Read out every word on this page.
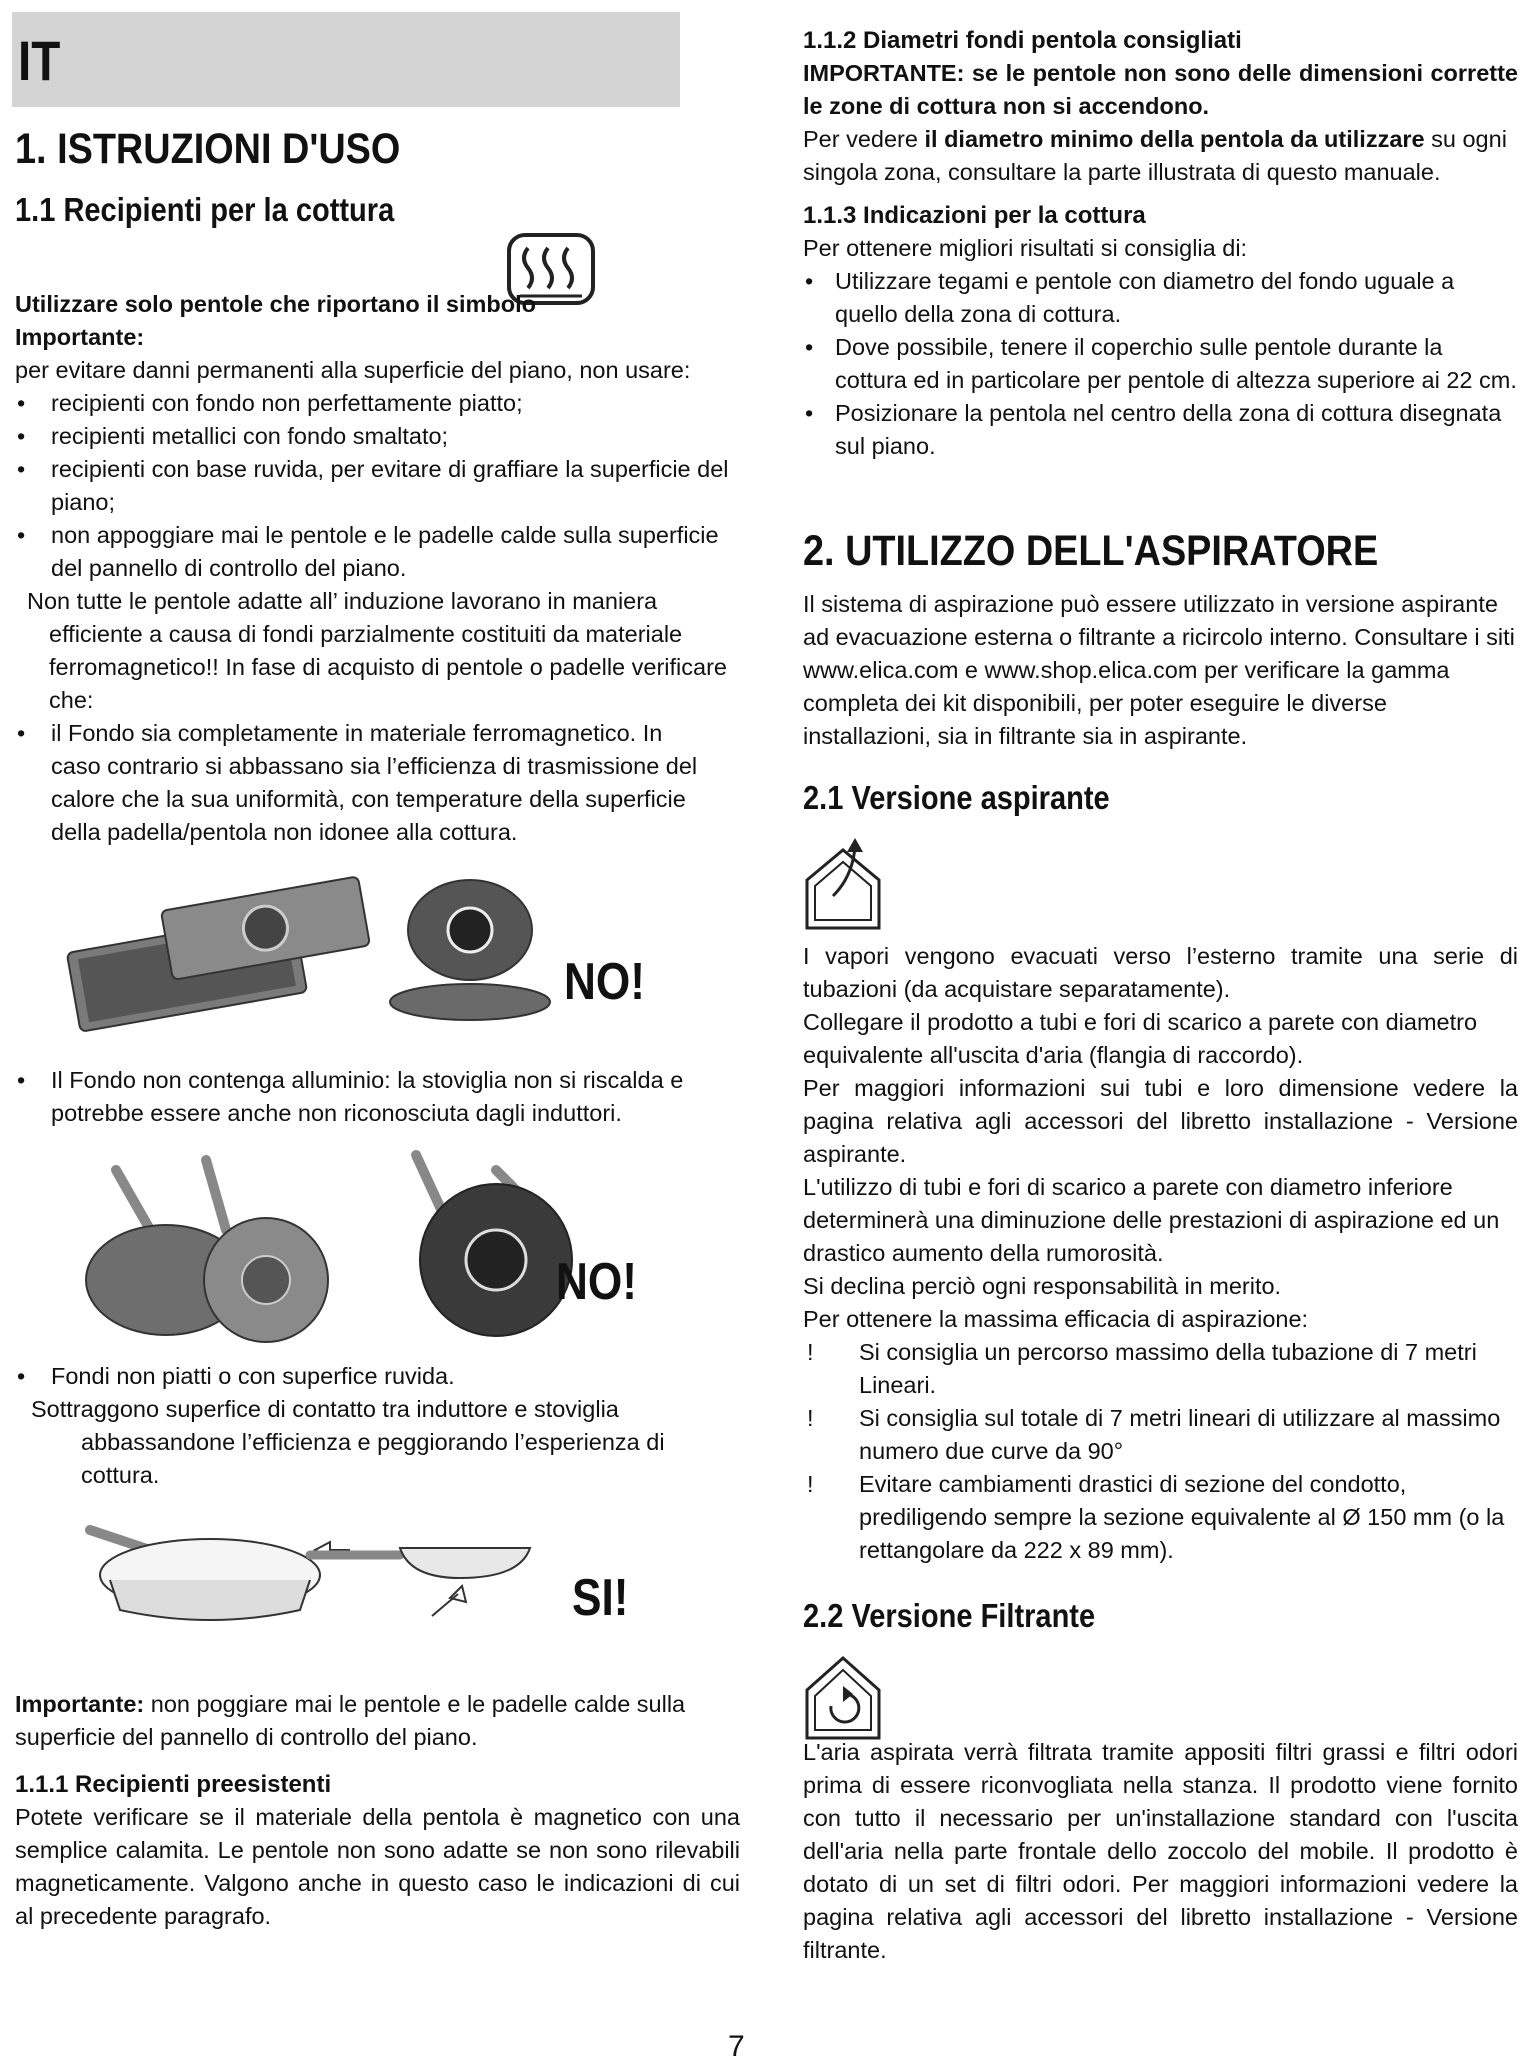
IT
1. ISTRUZIONI D'USO
1.1 Recipienti per la cottura

Utilizzare solo pentole che riportano il simbolo

Importante:

per evitare danni permanenti alla superficie del piano, non usare:

• recipienti con fondo non perfettamente piatto;

• recipienti metallici con fondo smaltato;

• recipienti con base ruvida, per evitare di graffiare la superficie del piano;

• non appoggiare mai le pentole e le padelle calde sulla superficie del pannello di controllo del piano.

Non tutte le pentole adatte all’ induzione lavorano in maniera efficiente a causa di fondi parzialmente costituiti da materiale ferromagnetico!! In fase di acquisto di pentole o padelle verificare che:

• il Fondo sia completamente in materiale ferromagnetico. In caso contrario si abbassano sia l’efficienza di trasmissione del calore che la sua uniformità, con temperature della superficie della padella/pentola non idonee alla cottura.

NO!

• Il Fondo non contenga alluminio: la stoviglia non si riscalda e potrebbe essere anche non riconosciuta dagli induttori.

NO!

• Fondi non piatti o con superfice ruvida.

Sottraggono superfice di contatto tra induttore e stoviglia abbassandone l’efficienza e peggiorando l’esperienza di cottura.

SI!

Importante: non poggiare mai le pentole e le padelle calde sulla superficie del pannello di controllo del piano.

1.1.1 Recipienti preesistenti

Potete verificare se il materiale della pentola è magnetico con una semplice calamita. Le pentole non sono adatte se non sono rilevabili magneticamente. Valgono anche in questo caso le indicazioni di cui al precedente paragrafo.

1.1.2 Diametri fondi pentola consigliati

IMPORTANTE: se le pentole non sono delle dimensioni corrette le zone di cottura non si accendono.

Per vedere il diametro minimo della pentola da utilizzare su ogni singola zona, consultare la parte illustrata di questo manuale.

1.1.3 Indicazioni per la cottura

Per ottenere migliori risultati si consiglia di:

• Utilizzare tegami e pentole con diametro del fondo uguale a quello della zona di cottura.

• Dove possibile, tenere il coperchio sulle pentole durante la cottura ed in particolare per pentole di altezza superiore ai 22 cm.

• Posizionare la pentola nel centro della zona di cottura disegnata sul piano.

2. UTILIZZO DELL'ASPIRATORE

Il sistema di aspirazione può essere utilizzato in versione aspirante ad evacuazione esterna o filtrante a ricircolo interno. Consultare i siti www.elica.com e www.shop.elica.com per verificare la gamma completa dei kit disponibili, per poter eseguire le diverse installazioni, sia in filtrante sia in aspirante.

2.1 Versione aspirante

I vapori vengono evacuati verso l’esterno tramite una serie di tubazioni (da acquistare separatamente).

Collegare il prodotto a tubi e fori di scarico a parete con diametro equivalente all'uscita d'aria (flangia di raccordo).

Per maggiori informazioni sui tubi e loro dimensione vedere la pagina relativa agli accessori del libretto installazione - Versione aspirante.

L'utilizzo di tubi e fori di scarico a parete con diametro inferiore determinerà una diminuzione delle prestazioni di aspirazione ed un drastico aumento della rumorosità.

Si declina perciò ogni responsabilità in merito.

Per ottenere la massima efficacia di aspirazione:

! Si consiglia un percorso massimo della tubazione di 7 metri Lineari.

! Si consiglia sul totale di 7 metri lineari di utilizzare al massimo numero due curve da 90°

! Evitare cambiamenti drastici di sezione del condotto, prediligendo sempre la sezione equivalente al Ø 150 mm (o la rettangolare da 222 x 89 mm).

2.2 Versione Filtrante

L'aria aspirata verrà filtrata tramite appositi filtri grassi e filtri odori prima di essere riconvogliata nella stanza. Il prodotto viene fornito con tutto il necessario per un'installazione standard con l'uscita dell'aria nella parte frontale dello zoccolo del mobile. Il prodotto è dotato di un set di filtri odori. Per maggiori informazioni vedere la pagina relativa agli accessori del libretto installazione - Versione filtrante.

7
